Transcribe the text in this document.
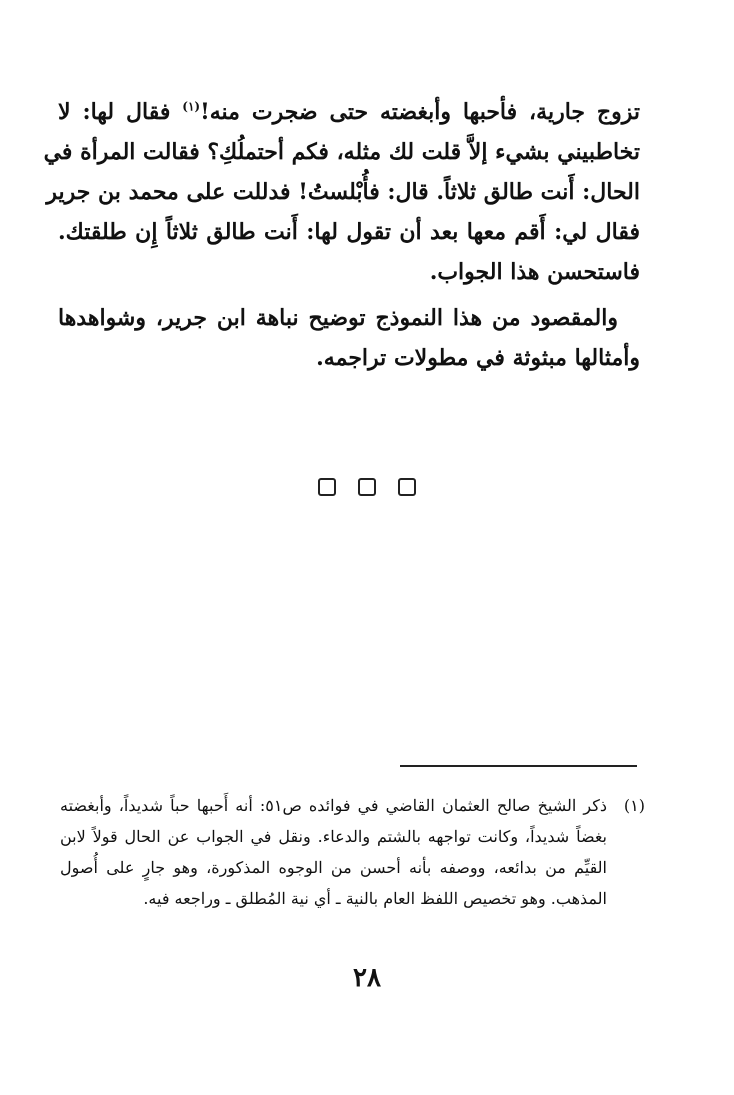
تزوج جارية، فأحبها وأبغضته حتى ضجرت منه!$^{(١)}$ فقال لها: لا
تخاطبيني بشيء إلاَّ قلت لك مثله، فكم أحتملُكِ؟ فقالت المرأة في
الحال: أَنت طالق ثلاثاً. قال: فأُبْلستُ! فدللت على محمد بن جرير
فقال لي: أَقم معها بعد أن تقول لها: أَنت طالق ثلاثاً إِن طلقتك.
فاستحسن هذا الجواب.
والمقصود من هذا النموذج توضيح نباهة ابن جرير، وشواهدها
وأمثالها مبثوثة في مطولات تراجمه.
(١)
ذكر الشيخ صالح العثمان القاضي في فوائده ص٥١: أنه أَحبها حباً شديداً، وأبغضته
بغضاً شديداً، وكانت تواجهه بالشتم والدعاء. ونقل في الجواب عن الحال قولاً لابن
القيِّم من بدائعه، ووصفه بأنه أحسن من الوجوه المذكورة، وهو جارٍ على أُصول
المذهب. وهو تخصيص اللفظ العام بالنية ـ أي نية المُطلق ـ وراجعه فيه.
٢٨
